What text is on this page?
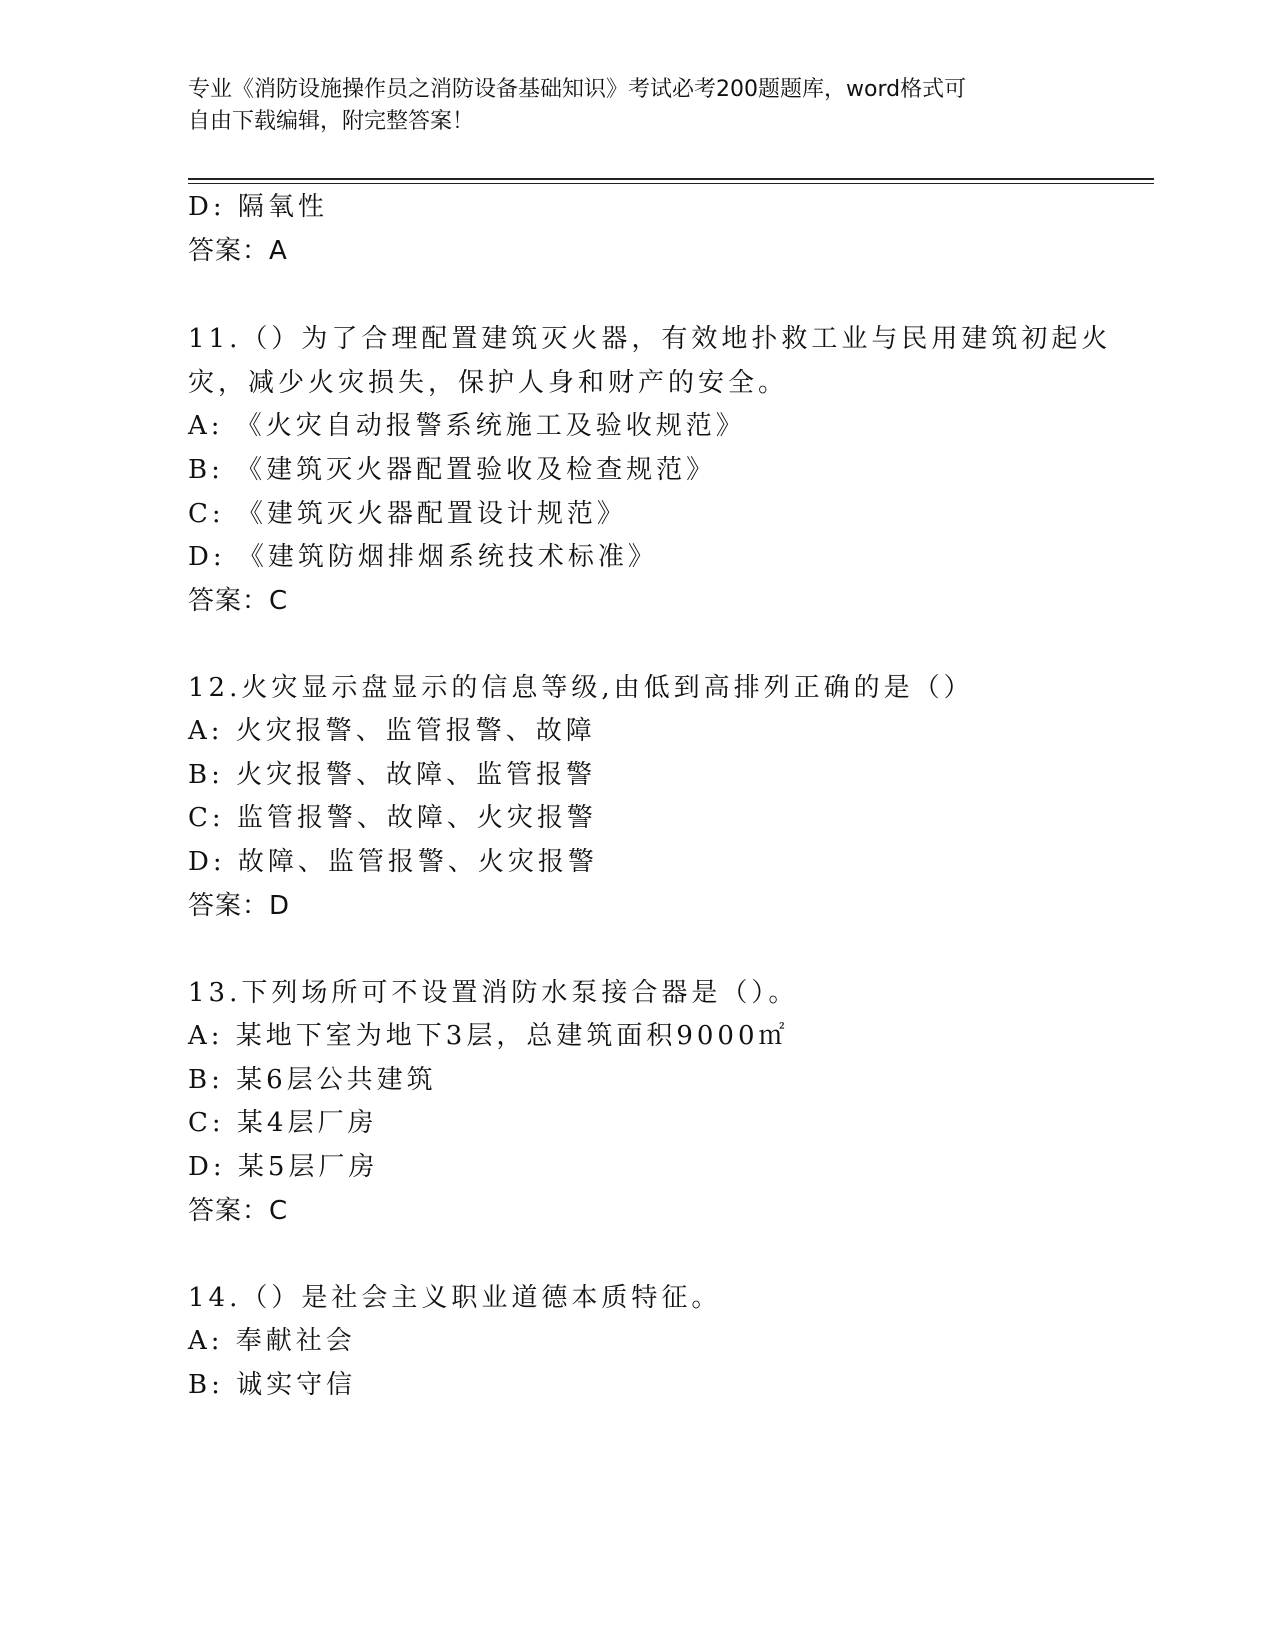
专业《消防设施操作员之消防设备基础知识》考试必考200题题库，word格式可
自由下载编辑，附完整答案！
D: 隔氧性
答案：A
11.（）为了合理配置建筑灭火器，有效地扑救工业与民用建筑初起火
灾，减少火灾损失，保护人身和财产的安全。
A: 《火灾自动报警系统施工及验收规范》
B: 《建筑灭火器配置验收及检查规范》
C: 《建筑灭火器配置设计规范》
D: 《建筑防烟排烟系统技术标准》
答案：C
12.火灾显示盘显示的信息等级,由低到高排列正确的是（）
A: 火灾报警、监管报警、故障
B: 火灾报警、故障、监管报警
C: 监管报警、故障、火灾报警
D: 故障、监管报警、火灾报警
答案：D
13.下列场所可不设置消防水泵接合器是（）。
A: 某地下室为地下3层，总建筑面积9000㎡
B: 某6层公共建筑
C: 某4层厂房
D: 某5层厂房
答案：C
14.（）是社会主义职业道德本质特征。
A: 奉献社会
B: 诚实守信
